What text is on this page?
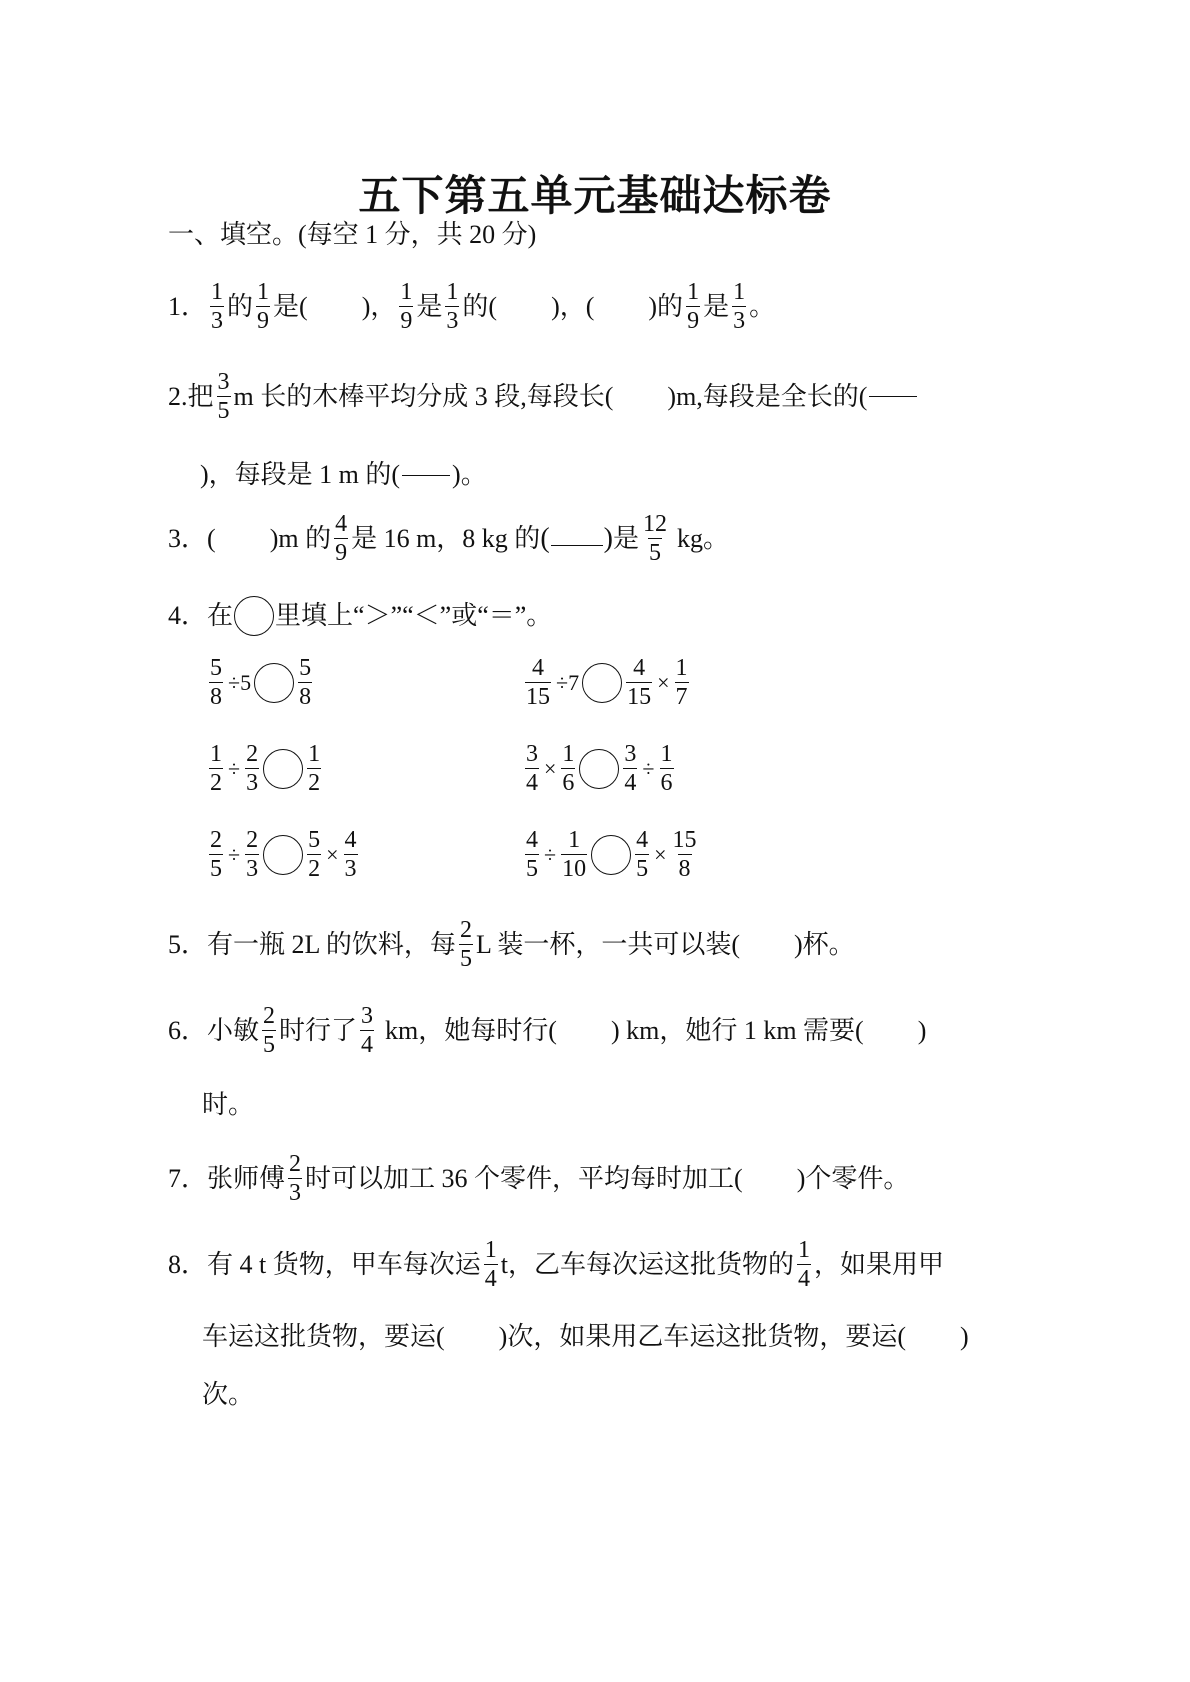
五下第五单元基础达标卷
一、填空。(每空 1 分，共 20 分)
1． $\frac{1}{3}$ 的 $\frac{1}{9}$ 是( )， $\frac{1}{9}$ 是 $\frac{1}{3}$ 的( )，( )的 $\frac{1}{9}$ 是 $\frac{1}{3}$ 。
2. 把 $\frac{3}{5}$ m 长的木棒平均分成 3 段,每段长( )m,每段是全长的(
)，每段是 1 m 的( )。
3． ( )m 的 $\frac{4}{9}$ 是 16 m，8 kg 的 ( ) 是 $\frac{12}{5}$ kg。
4． 在 里填上“＞”“＜”或“＝”。
$\frac{5}{8} \div 5 \frac{5}{8}$	$\frac{4}{15} \div 7 \frac{4}{15} \times \frac{1}{7}$
$\frac{1}{2} \div \frac{2}{3} \frac{1}{2}$	$\frac{3}{4} \times \frac{1}{6} \frac{3}{4} \div \frac{1}{6}$
$\frac{2}{5} \div \frac{2}{3} \frac{5}{2} \times \frac{4}{3}$	$\frac{4}{5} \div \frac{1}{10} \frac{4}{5} \times \frac{15}{8}$
5． 有一瓶 2L 的饮料，每 $\frac{2}{5}$ L 装一杯，一共可以装( )杯。
6． 小敏 $\frac{2}{5}$ 时行了 $\frac{3}{4}$ km，她每时行( ) km，她行 1 km 需要( )
时。
7． 张师傅 $\frac{2}{3}$ 时可以加工 36 个零件，平均每时加工( )个零件。
8． 有 4 t 货物，甲车每次运 $\frac{1}{4}$ t，乙车每次运这批货物的 $\frac{1}{4}$ ，如果用甲
车运这批货物，要运( )次，如果用乙车运这批货物，要运( )
次。
